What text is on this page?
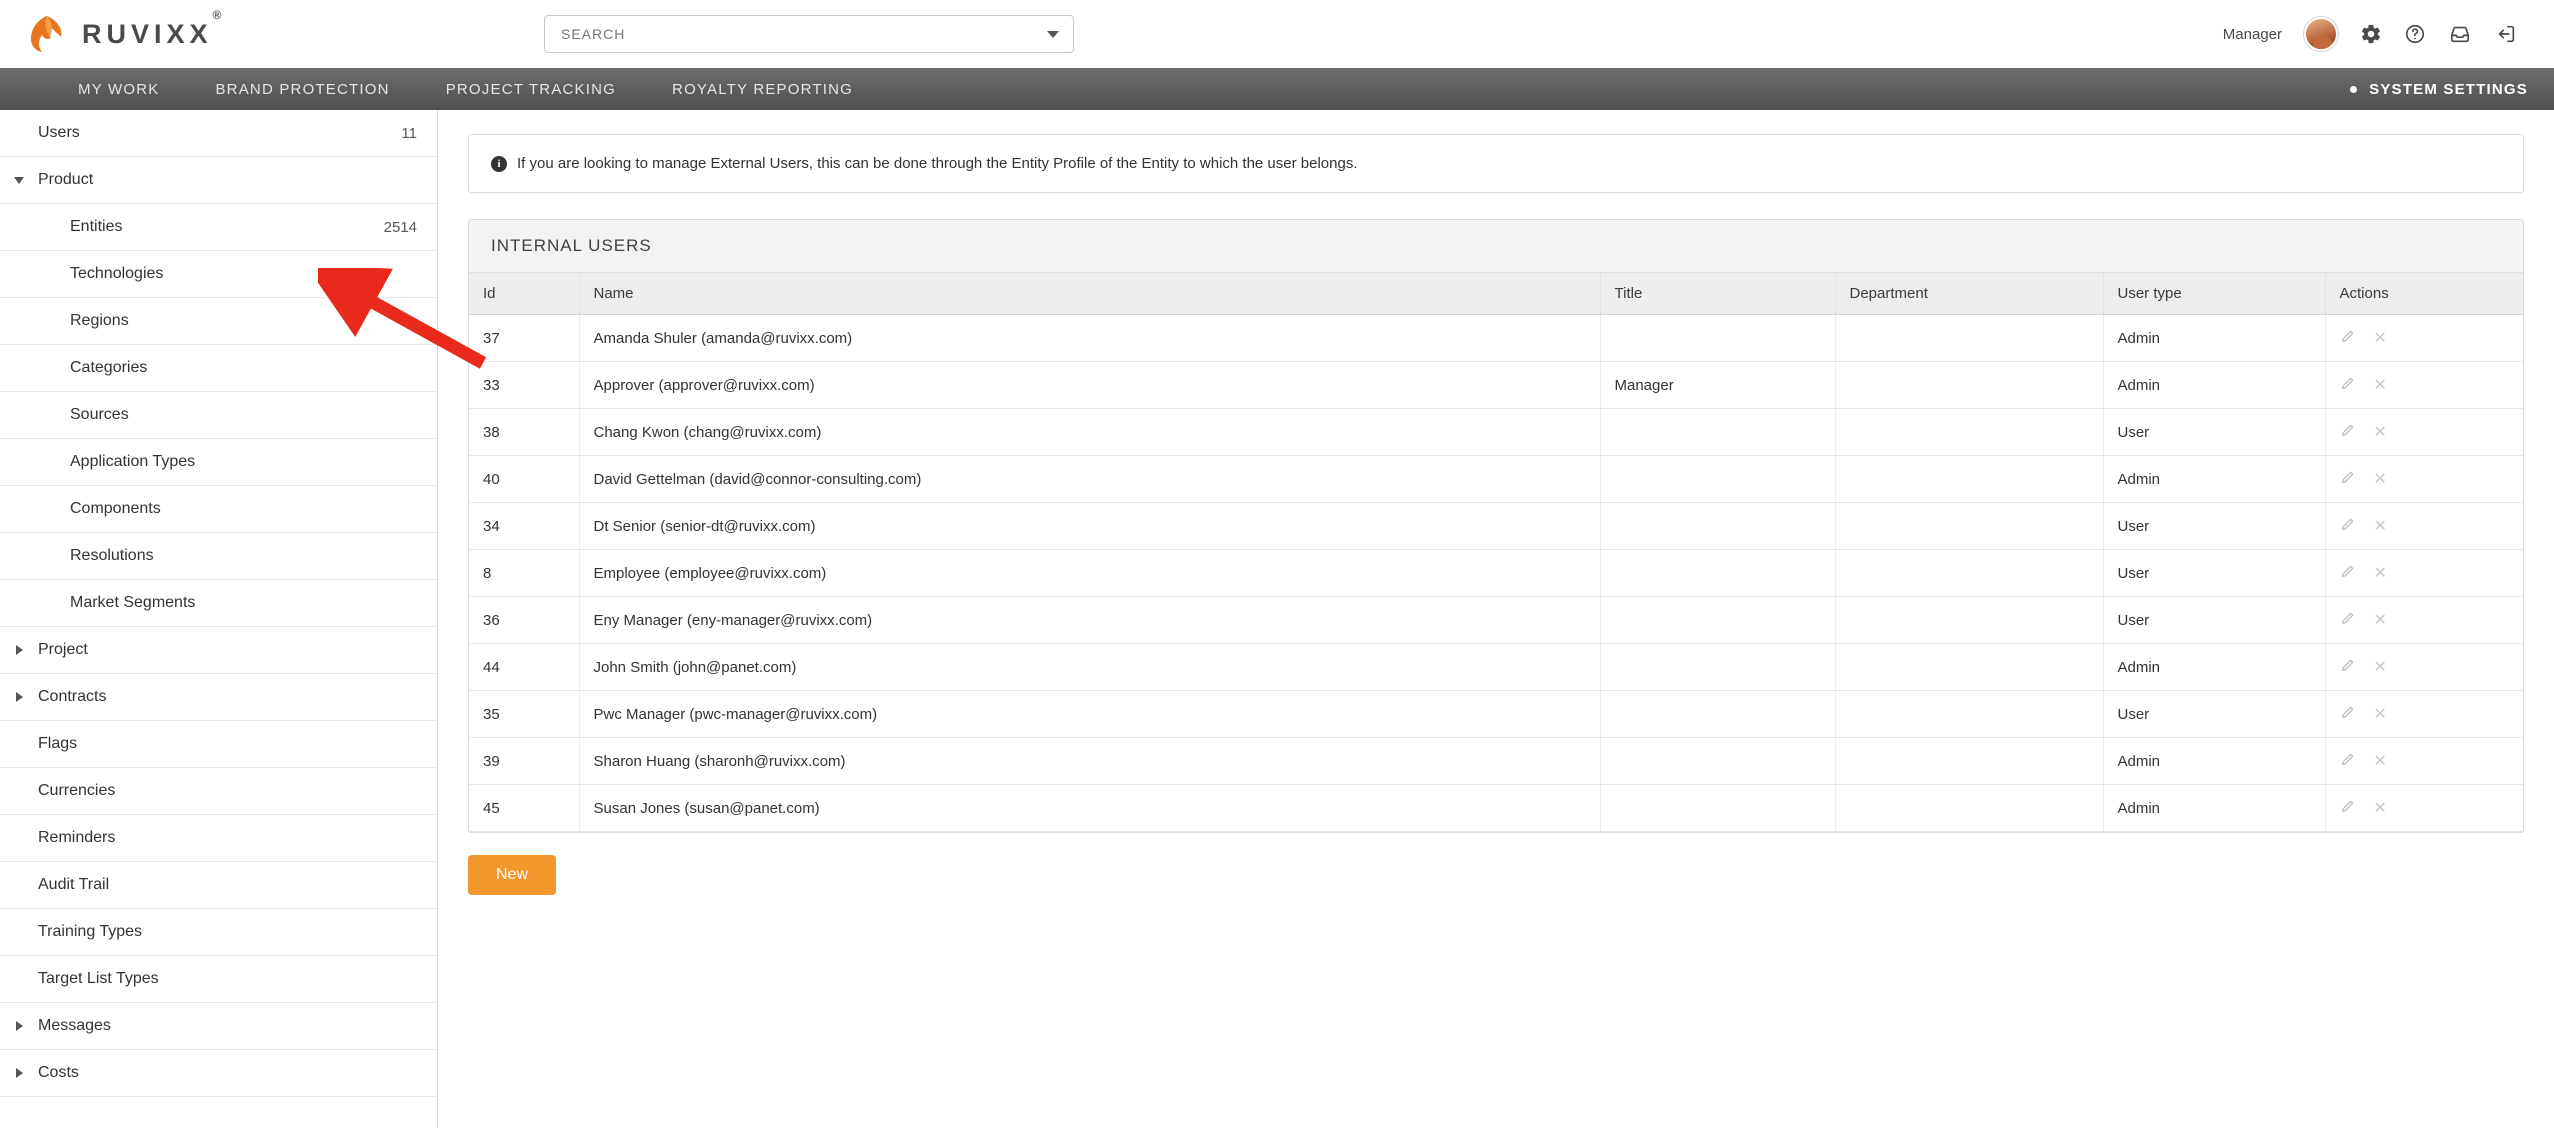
RUVIXX®
SEARCH
Manager
MY WORK	BRAND PROTECTION	PROJECT TRACKING	ROYALTY REPORTING	SYSTEM SETTINGS
Users	11
Product
Entities	2514
Technologies
Regions
Categories
Sources
Application Types
Components
Resolutions
Market Segments
Project
Contracts
Flags
Currencies
Reminders
Audit Trail
Training Types
Target List Types
Messages
Costs
i	If you are looking to manage External Users, this can be done through the Entity Profile of the Entity to which the user belongs.
INTERNAL USERS
Id	Name	Title	Department	User type	Actions
37	Amanda Shuler (amanda@ruvixx.com)			Admin	✕

33	Approver (approver@ruvixx.com)	Manager		Admin	✕

38	Chang Kwon (chang@ruvixx.com)			User	✕

40	David Gettelman (david@connor-consulting.com)			Admin	✕

34	Dt Senior (senior-dt@ruvixx.com)			User	✕

8	Employee (employee@ruvixx.com)			User	✕

36	Eny Manager (eny-manager@ruvixx.com)			User	✕

44	John Smith (john@panet.com)			Admin	✕

35	Pwc Manager (pwc-manager@ruvixx.com)			User	✕

39	Sharon Huang (sharonh@ruvixx.com)			Admin	✕

45	Susan Jones (susan@panet.com)			Admin	✕
New
